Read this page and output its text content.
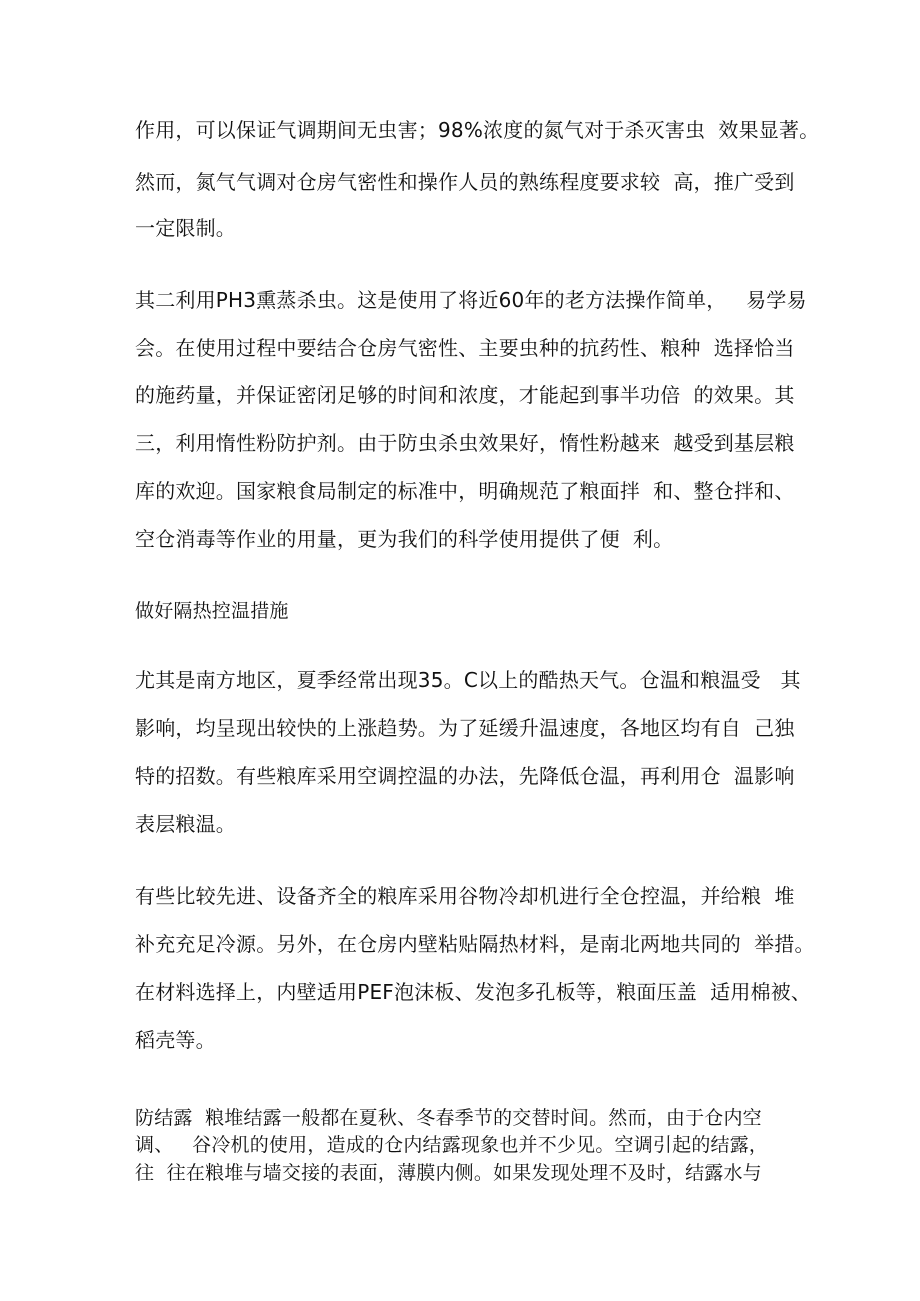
作用，可以保证气调期间无虫害；98%浓度的氮气对于杀灭害虫  效果显著。
然而，氮气气调对仓房气密性和操作人员的熟练程度要求较  高，推广受到
一定限制。
其二利用PH3熏蒸杀虫。这是使用了将近60年的老方法操作简单，   易学易
会。在使用过程中要结合仓房气密性、主要虫种的抗药性、粮种  选择恰当
的施药量，并保证密闭足够的时间和浓度，才能起到事半功倍  的效果。其
三，利用惰性粉防护剂。由于防虫杀虫效果好，惰性粉越来  越受到基层粮
库的欢迎。国家粮食局制定的标准中，明确规范了粮面拌  和、整仓拌和、
空仓消毒等作业的用量，更为我们的科学使用提供了便  利。
做好隔热控温措施
尤其是南方地区，夏季经常出现35。C以上的酷热天气。仓温和粮温受   其
影响，均呈现出较快的上涨趋势。为了延缓升温速度，各地区均有自  己独
特的招数。有些粮库采用空调控温的办法，先降低仓温，再利用仓  温影响
表层粮温。
有些比较先进、设备齐全的粮库采用谷物冷却机进行全仓控温，并给粮  堆
补充充足冷源。另外，在仓房内壁粘贴隔热材料，是南北两地共同的  举措。
在材料选择上，内壁适用PEF泡沫板、发泡多孔板等，粮面压盖  适用棉被、
稻壳等。
防结露  粮堆结露一般都在夏秋、冬春季节的交替时间。然而，由于仓内空
调、   谷冷机的使用，造成的仓内结露现象也并不少见。空调引起的结露，
往  往在粮堆与墙交接的表面，薄膜内侧。如果发现处理不及时，结露水与
